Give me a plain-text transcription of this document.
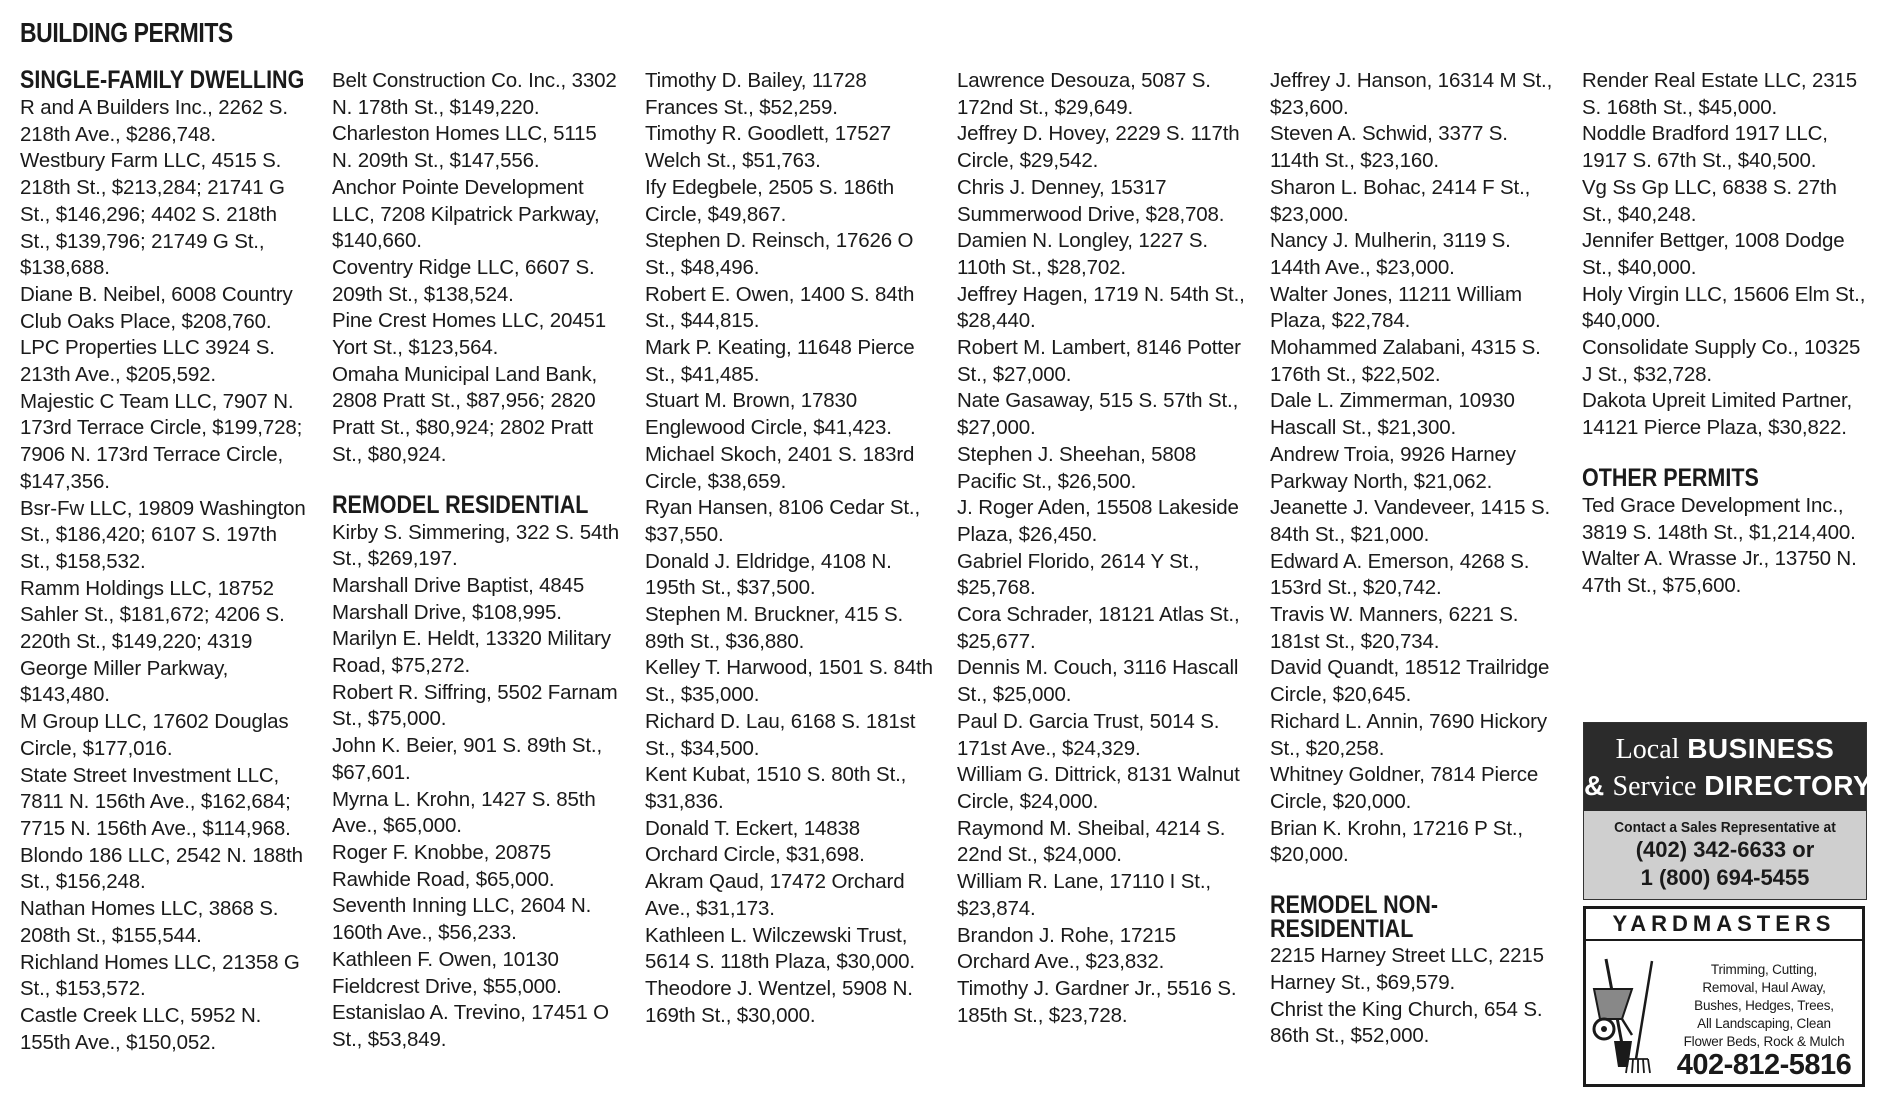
BUILDING PERMITS
SINGLE-FAMILY DWELLING
R and A Builders Inc., 2262 S. 218th Ave., $286,748.
Westbury Farm LLC, 4515 S. 218th St., $213,284; 21741 G St., $146,296; 4402 S. 218th St., $139,796; 21749 G St., $138,688.
Diane B. Neibel, 6008 Country Club Oaks Place, $208,760.
LPC Properties LLC 3924 S. 213th Ave., $205,592.
Majestic C Team LLC, 7907 N. 173rd Terrace Circle, $199,728; 7906 N. 173rd Terrace Circle, $147,356.
Bsr-Fw LLC, 19809 Washington St., $186,420; 6107 S. 197th St., $158,532.
Ramm Holdings LLC, 18752 Sahler St., $181,672; 4206 S. 220th St., $149,220; 4319 George Miller Parkway, $143,480.
M Group LLC, 17602 Douglas Circle, $177,016.
State Street Investment LLC, 7811 N. 156th Ave., $162,684; 7715 N. 156th Ave., $114,968.
Blondo 186 LLC, 2542 N. 188th St., $156,248.
Nathan Homes LLC, 3868 S. 208th St., $155,544.
Richland Homes LLC, 21358 G St., $153,572.
Castle Creek LLC, 5952 N. 155th Ave., $150,052.
Belt Construction Co. Inc., 3302 N. 178th St., $149,220.
Charleston Homes LLC, 5115 N. 209th St., $147,556.
Anchor Pointe Development LLC, 7208 Kilpatrick Parkway, $140,660.
Coventry Ridge LLC, 6607 S. 209th St., $138,524.
Pine Crest Homes LLC, 20451 Yort St., $123,564.
Omaha Municipal Land Bank, 2808 Pratt St., $87,956; 2820 Pratt St., $80,924; 2802 Pratt St., $80,924.
REMODEL RESIDENTIAL
Kirby S. Simmering, 322 S. 54th St., $269,197.
Marshall Drive Baptist, 4845 Marshall Drive, $108,995.
Marilyn E. Heldt, 13320 Military Road, $75,272.
Robert R. Siffring, 5502 Farnam St., $75,000.
John K. Beier, 901 S. 89th St., $67,601.
Myrna L. Krohn, 1427 S. 85th Ave., $65,000.
Roger F. Knobbe, 20875 Rawhide Road, $65,000.
Seventh Inning LLC, 2604 N. 160th Ave., $56,233.
Kathleen F. Owen, 10130 Fieldcrest Drive, $55,000.
Estanislao A. Trevino, 17451 O St., $53,849.
Timothy D. Bailey, 11728 Frances St., $52,259.
Timothy R. Goodlett, 17527 Welch St., $51,763.
Ify Edegbele, 2505 S. 186th Circle, $49,867.
Stephen D. Reinsch, 17626 O St., $48,496.
Robert E. Owen, 1400 S. 84th St., $44,815.
Mark P. Keating, 11648 Pierce St., $41,485.
Stuart M. Brown, 17830 Englewood Circle, $41,423.
Michael Skoch, 2401 S. 183rd Circle, $38,659.
Ryan Hansen, 8106 Cedar St., $37,550.
Donald J. Eldridge, 4108 N. 195th St., $37,500.
Stephen M. Bruckner, 415 S. 89th St., $36,880.
Kelley T. Harwood, 1501 S. 84th St., $35,000.
Richard D. Lau, 6168 S. 181st St., $34,500.
Kent Kubat, 1510 S. 80th St., $31,836.
Donald T. Eckert, 14838 Orchard Circle, $31,698.
Akram Qaud, 17472 Orchard Ave., $31,173.
Kathleen L. Wilczewski Trust, 5614 S. 118th Plaza, $30,000.
Theodore J. Wentzel, 5908 N. 169th St., $30,000.
Lawrence Desouza, 5087 S. 172nd St., $29,649.
Jeffrey D. Hovey, 2229 S. 117th Circle, $29,542.
Chris J. Denney, 15317 Summerwood Drive, $28,708.
Damien N. Longley, 1227 S. 110th St., $28,702.
Jeffrey Hagen, 1719 N. 54th St., $28,440.
Robert M. Lambert, 8146 Potter St., $27,000.
Nate Gasaway, 515 S. 57th St., $27,000.
Stephen J. Sheehan, 5808 Pacific St., $26,500.
J. Roger Aden, 15508 Lakeside Plaza, $26,450.
Gabriel Florido, 2614 Y St., $25,768.
Cora Schrader, 18121 Atlas St., $25,677.
Dennis M. Couch, 3116 Hascall St., $25,000.
Paul D. Garcia Trust, 5014 S. 171st Ave., $24,329.
William G. Dittrick, 8131 Walnut Circle, $24,000.
Raymond M. Sheibal, 4214 S. 22nd St., $24,000.
William R. Lane, 17110 I St., $23,874.
Brandon J. Rohe, 17215 Orchard Ave., $23,832.
Timothy J. Gardner Jr., 5516 S. 185th St., $23,728.
Jeffrey J. Hanson, 16314 M St., $23,600.
Steven A. Schwid, 3377 S. 114th St., $23,160.
Sharon L. Bohac, 2414 F St., $23,000.
Nancy J. Mulherin, 3119 S. 144th Ave., $23,000.
Walter Jones, 11211 William Plaza, $22,784.
Mohammed Zalabani, 4315 S. 176th St., $22,502.
Dale L. Zimmerman, 10930 Hascall St., $21,300.
Andrew Troia, 9926 Harney Parkway North, $21,062.
Jeanette J. Vandeveer, 1415 S. 84th St., $21,000.
Edward A. Emerson, 4268 S. 153rd St., $20,742.
Travis W. Manners, 6221 S. 181st St., $20,734.
David Quandt, 18512 Trailridge Circle, $20,645.
Richard L. Annin, 7690 Hickory St., $20,258.
Whitney Goldner, 7814 Pierce Circle, $20,000.
Brian K. Krohn, 17216 P St., $20,000.
REMODEL NON-
RESIDENTIAL
2215 Harney Street LLC, 2215 Harney St., $69,579.
Christ the King Church, 654 S. 86th St., $52,000.
Render Real Estate LLC, 2315 S. 168th St., $45,000.
Noddle Bradford 1917 LLC, 1917 S. 67th St., $40,500.
Vg Ss Gp LLC, 6838 S. 27th St., $40,248.
Jennifer Bettger, 1008 Dodge St., $40,000.
Holy Virgin LLC, 15606 Elm St., $40,000.
Consolidate Supply Co., 10325 J St., $32,728.
Dakota Upreit Limited Partner, 14121 Pierce Plaza, $30,822.
OTHER PERMITS
Ted Grace Development Inc., 3819 S. 148th St., $1,214,400.
Walter A. Wrasse Jr., 13750 N. 47th St., $75,600.
Local BUSINESS
& Service DIRECTORY
Contact a Sales Representative at
(402) 342-6633 or
1 (800) 694-5455
YARDMASTERS
Trimming, Cutting,
Removal, Haul Away,
Bushes, Hedges, Trees,
All Landscaping, Clean
Flower Beds, Rock & Mulch
402-812-5816
